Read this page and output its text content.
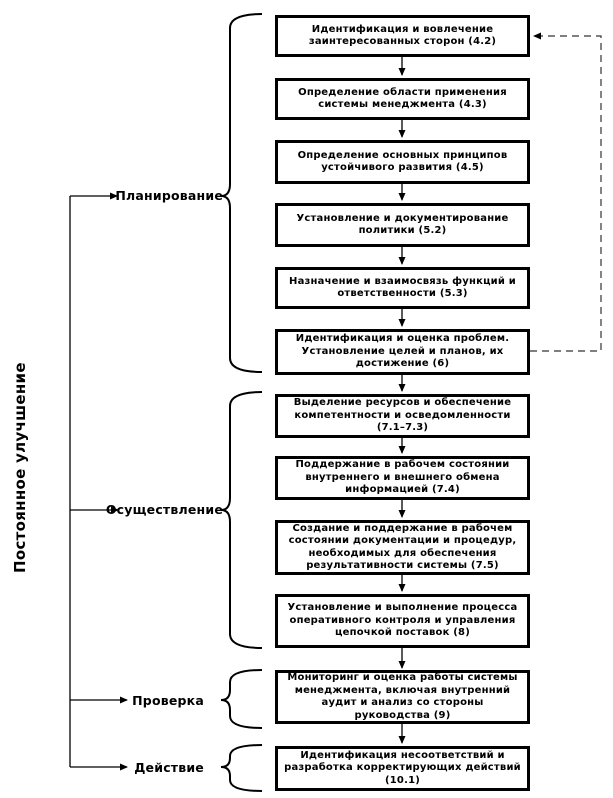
Постоянное улучшение
Планирование
Осуществление
Проверка
Действие
Идентификация и вовлечение заинтересованных сторон (4.2)
Определение области применения системы менеджмента (4.3)
Определение основных принципов устойчивого развития (4.5)
Установление и документирование политики (5.2)
Назначение и взаимосвязь функций и ответственности (5.3)
Идентификация и оценка проблем. Установление целей и планов, их достижение (6)
Выделение ресурсов и обеспечение компетентности и осведомленности (7.1–7.3)
Поддержание в рабочем состоянии внутреннего и внешнего обмена информацией (7.4)
Создание и поддержание в рабочем состоянии документации и процедур, необходимых для обеспечения результативности системы (7.5)
Установление и выполнение процесса оперативного контроля и управления цепочкой поставок (8)
Мониторинг и оценка работы системы менеджмента, включая внутренний аудит и анализ со стороны руководства (9)
Идентификация несоответствий и разработка корректирующих действий (10.1)
